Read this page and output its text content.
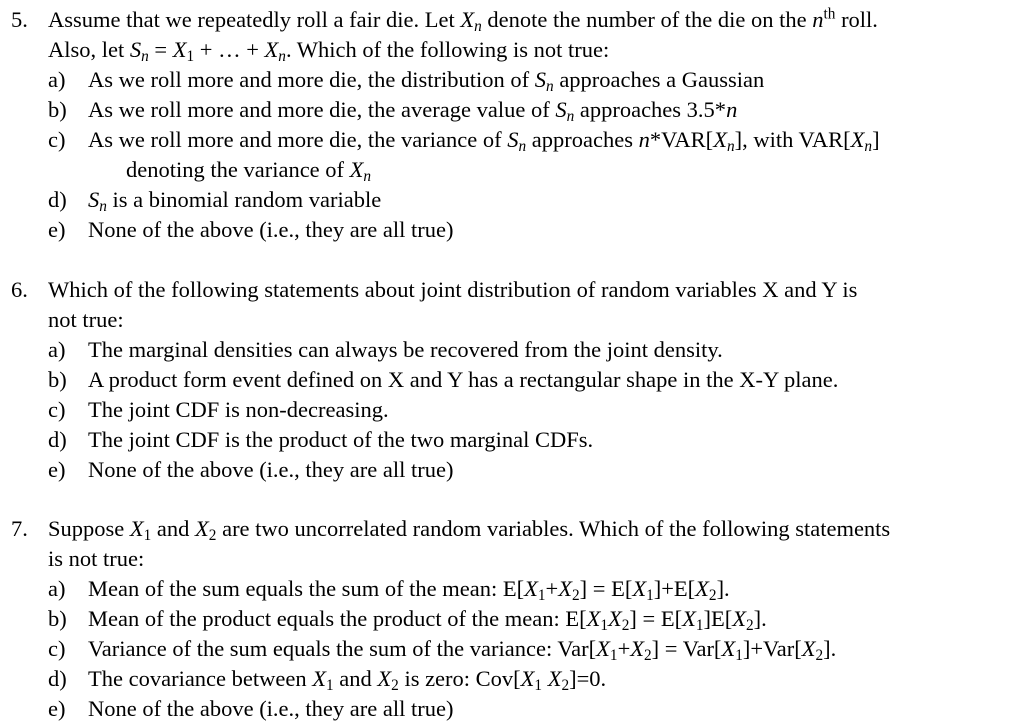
5. Assume that we repeatedly roll a fair die. Let $X_n$ denote the number of the die on the $n^{th}$ roll.
Also, let $S_n = X_1$ + … + $X_n$. Which of the following is not true:
a) As we roll more and more die, the distribution of $S_n$ approaches a Gaussian
b) As we roll more and more die, the average value of $S_n$ approaches 3.5*n
c) As we roll more and more die, the variance of $S_n$ approaches $n*VAR[X_n]$, with $VAR[X_n]$
denoting the variance of $X_n$
d) $S_n$ is a binomial random variable
e) None of the above (i.e., they are all true)
6. Which of the following statements about joint distribution of random variables X and Y is
not true:
a) The marginal densities can always be recovered from the joint density.
b) A product form event defined on X and Y has a rectangular shape in the X-Y plane.
c) The joint CDF is non-decreasing.
d) The joint CDF is the product of the two marginal CDFs.
e) None of the above (i.e., they are all true)
7. Suppose $X_1$ and $X_2$ are two uncorrelated random variables. Which of the following statements
is not true:
a) Mean of the sum equals the sum of the mean: $E[X_1+X_2] = E[X_1]+E[X_2]$.
b) Mean of the product equals the product of the mean: $E[X_1X_2] = E[X_1]E[X_2]$.
c) Variance of the sum equals the sum of the variance: $Var[X_1+X_2] = Var[X_1]+Var[X_2]$.
d) The covariance between $X_1$ and $X_2$ is zero: $Cov[X_1$ $X_2]=0$.
e) None of the above (i.e., they are all true)
